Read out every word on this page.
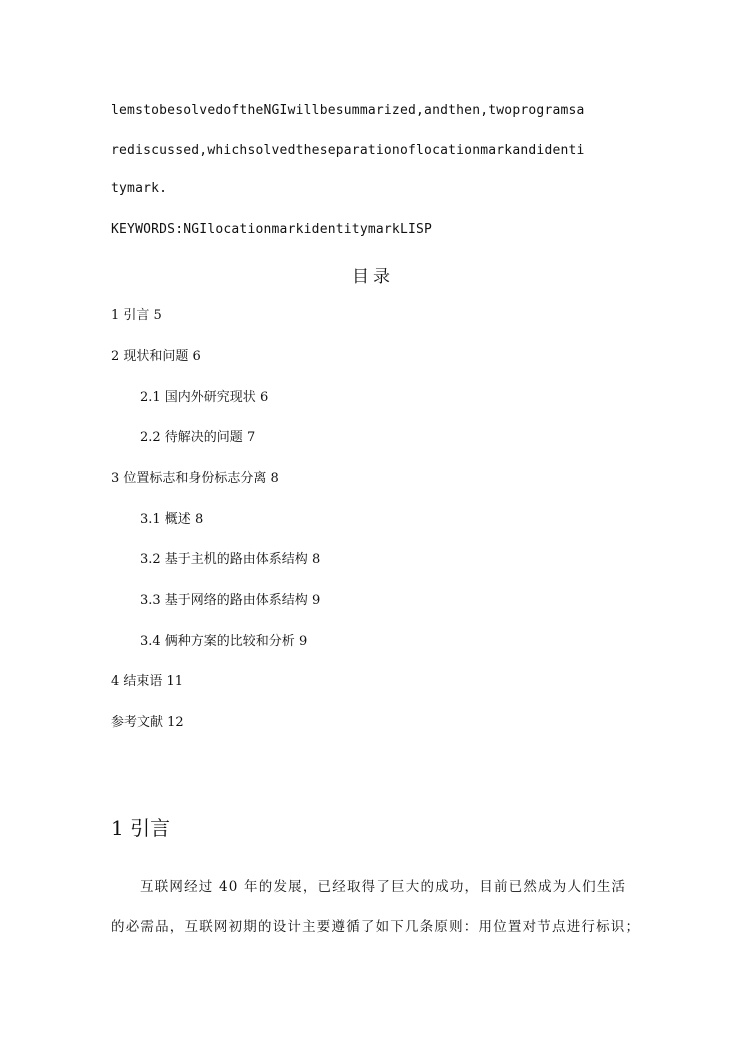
lemstobesolvedoftheNGIwillbesummarized,andthen,twoprogramsa
rediscussed,whichsolvedtheseparationoflocationmarkandidenti
tymark.
KEYWORDS:NGIlocationmarkidentitymarkLISP
目录
1 引言 5
2 现状和问题 6
2.1 国内外研究现状 6
2.2 待解决的问题 7
3 位置标志和身份标志分离 8
3.1 概述 8
3.2 基于主机的路由体系结构 8
3.3 基于网络的路由体系结构 9
3.4 俩种方案的比较和分析 9
4 结束语 11
参考文献 12
1 引言
互联网经过 40 年的发展，已经取得了巨大的成功，目前已然成为人们生活
的必需品，互联网初期的设计主要遵循了如下几条原则：用位置对节点进行标识；
